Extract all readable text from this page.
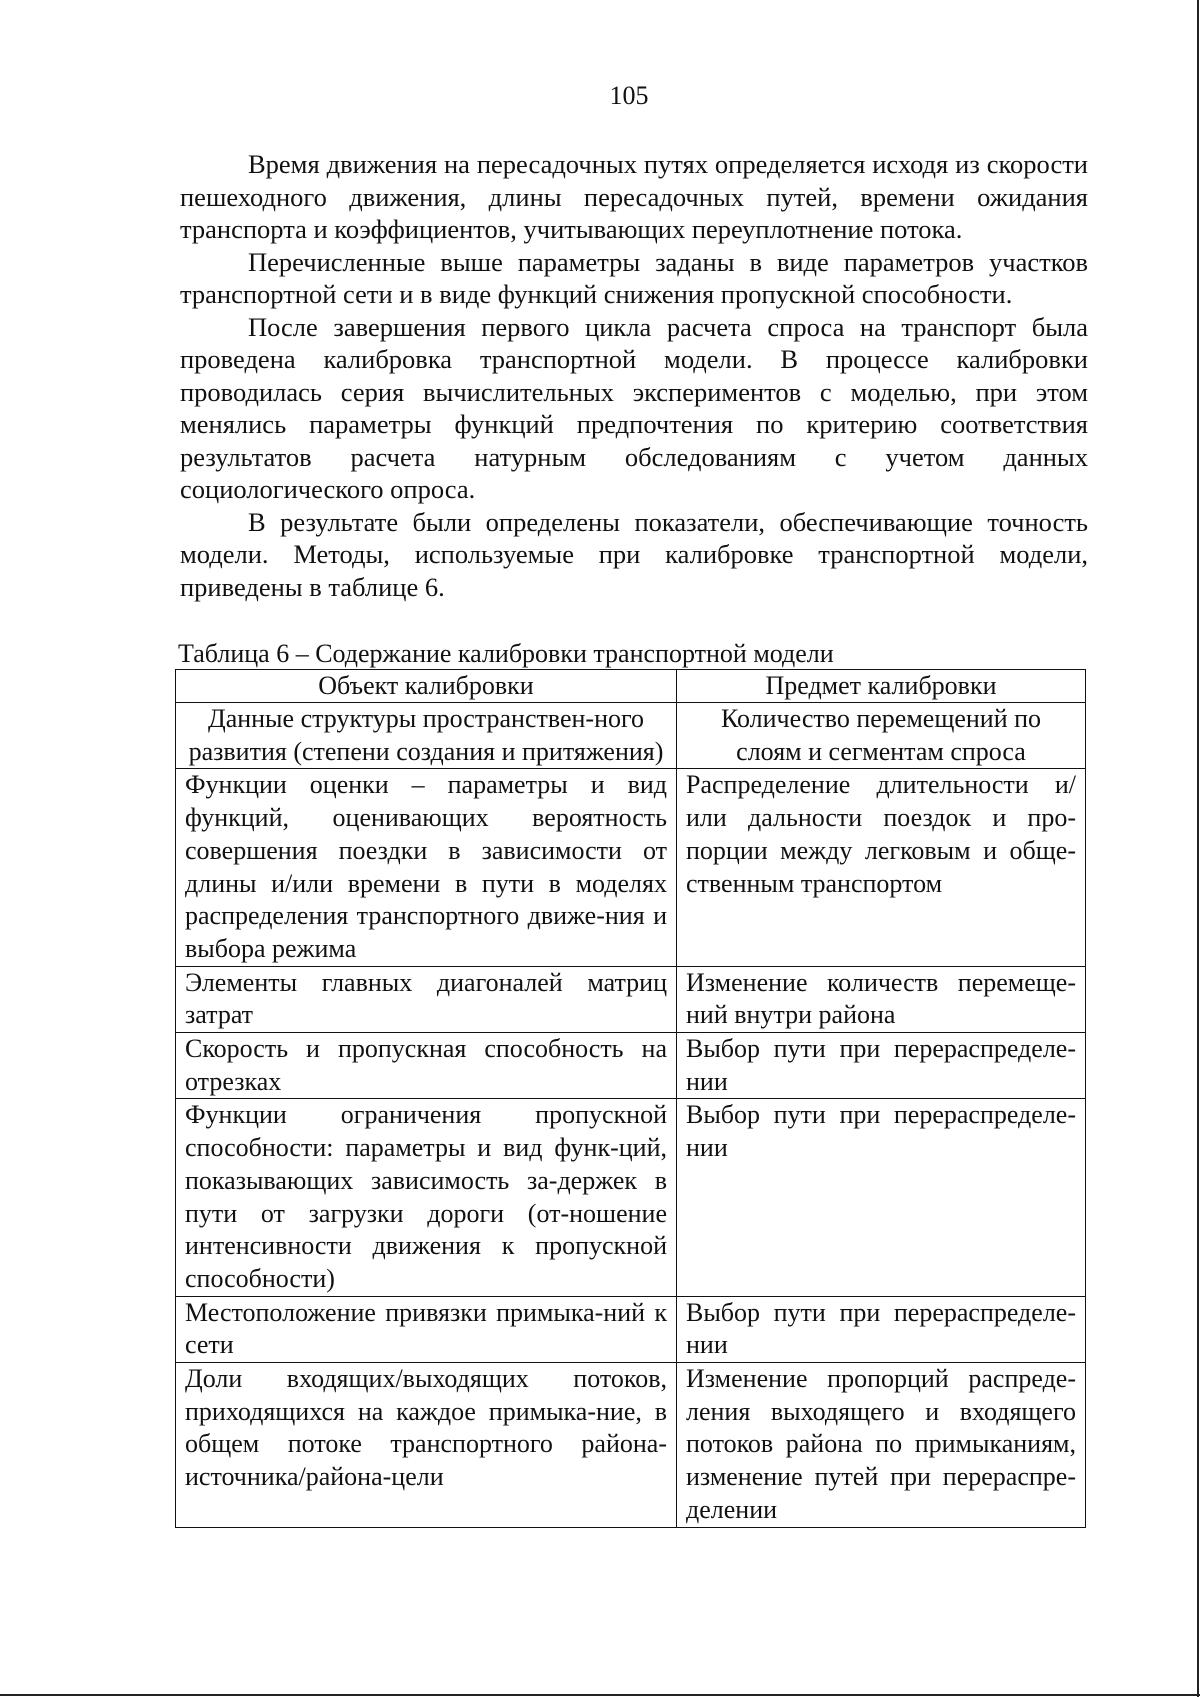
105

Время движения на пересадочных путях определяется исходя из скорости пешеходного движения, длины пересадочных путей, времени ожидания транспорта и коэффициентов, учитывающих переуплотнение потока.

Перечисленные выше параметры заданы в виде параметров участков транспортной сети и в виде функций снижения пропускной способности.

После завершения первого цикла расчета спроса на транспорт была проведена калибровка транспортной модели. В процессе калибровки проводилась серия вычислительных экспериментов с моделью, при этом менялись параметры функций предпочтения по критерию соответствия результатов расчета натурным обследованиям с учетом данных социологического опроса.

В результате были определены показатели, обеспечивающие точность модели. Методы, используемые при калибровке транспортной модели, приведены в таблице 6.

Таблица 6 – Содержание калибровки транспортной модели
Объект калибровки	Предмет калибровки
Данные структуры пространствен-ного развития (степени создания и притяжения)	Количество перемещений по слоям и сегментам спроса
Функции оценки – параметры и вид функций, оценивающих вероятность совершения поездки в зависимости от длины и/или времени в пути в моделях распределения транспортного движе-ния и выбора режима	Распределение длительности и/или дальности поездок и про-порции между легковым и обще-ственным транспортом
Элементы главных диагоналей матриц затрат	Изменение количеств перемеще-ний внутри района
Скорость и пропускная способность на отрезках	Выбор пути при перераспределе-нии
Функции ограничения пропускной способности: параметры и вид функ-ций, показывающих зависимость за-держек в пути от загрузки дороги (от-ношение интенсивности движения к пропускной способности)	Выбор пути при перераспределе-нии
Местоположение привязки примыка-ний к сети	Выбор пути при перераспределе-нии
Доли входящих/выходящих потоков, приходящихся на каждое примыка-ние, в общем потоке транспортного района-источника/района-цели	Изменение пропорций распреде-ления выходящего и входящего потоков района по примыканиям, изменение путей при перераспре-делении
